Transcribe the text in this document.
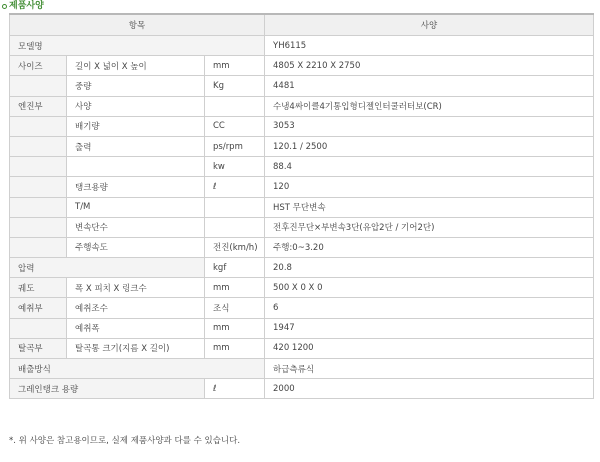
제품사양
항목			사양
모델명			YH6115
사이즈	길이 X 넓이 X 높이	mm	4805 X 2210 X 2750
	중량	Kg	4481
엔진부	사양		수냉4싸이클4기통입형디젤인터쿨러터보(CR)
	배기량	CC	3053
	출력	ps/rpm	120.1 / 2500
		kw	88.4
	탱크용량	ℓ	120
	T/M		HST 무단변속
	변속단수		전후진무단×부변속3단(유압2단 / 기어2단)
	주행속도	전진(km/h)	주행:0~3.20
압력		kgf	20.8
궤도	폭 X 피치 X 링크수	mm	500 X 0 X 0
예취부	예취조수	조식	6
	예취폭	mm	1947
탈곡부	탈곡통 크기(지름 X 길이)	mm	420 1200
배출방식			하급측류식
그레인탱크 용량		ℓ	2000
*. 위 사양은 참고용이므로, 실제 제품사양과 다를 수 있습니다.
